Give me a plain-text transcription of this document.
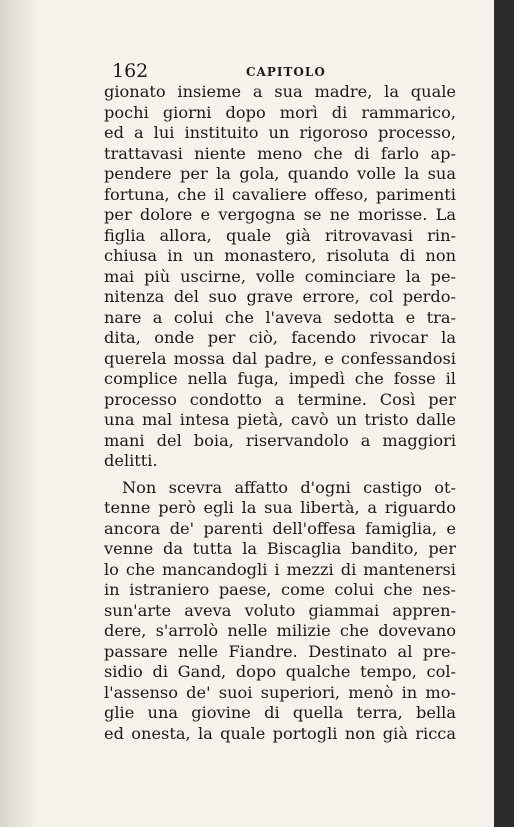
162	CAPITOLO
gionato insieme a sua madre, la quale
pochi giorni dopo morì di rammarico,
ed a lui instituito un rigoroso processo,
trattavasi niente meno che di farlo ap-
pendere per la gola, quando volle la sua
fortuna, che il cavaliere offeso, parimenti
per dolore e vergogna se ne morisse. La
figlia allora, quale già ritrovavasi rin-
chiusa in un monastero, risoluta di non
mai più uscirne, volle cominciare la pe-
nitenza del suo grave errore, col perdo-
nare a colui che l'aveva sedotta e tra-
dita, onde per ciò, facendo rivocar la
querela mossa dal padre, e confessandosi
complice nella fuga, impedì che fosse il
processo condotto a termine. Così per
una mal intesa pietà, cavò un tristo dalle
mani del boia, riservandolo a maggiori
delitti.
Non scevra affatto d'ogni castigo ot-
tenne però egli la sua libertà, a riguardo
ancora de' parenti dell'offesa famiglia, e
venne da tutta la Biscaglia bandito, per
lo che mancandogli i mezzi di mantenersi
in istraniero paese, come colui che nes-
sun'arte aveva voluto giammai appren-
dere, s'arrolò nelle milizie che dovevano
passare nelle Fiandre. Destinato al pre-
sidio di Gand, dopo qualche tempo, col-
l'assenso de' suoi superiori, menò in mo-
glie una giovine di quella terra, bella
ed onesta, la quale portogli non già ricca
